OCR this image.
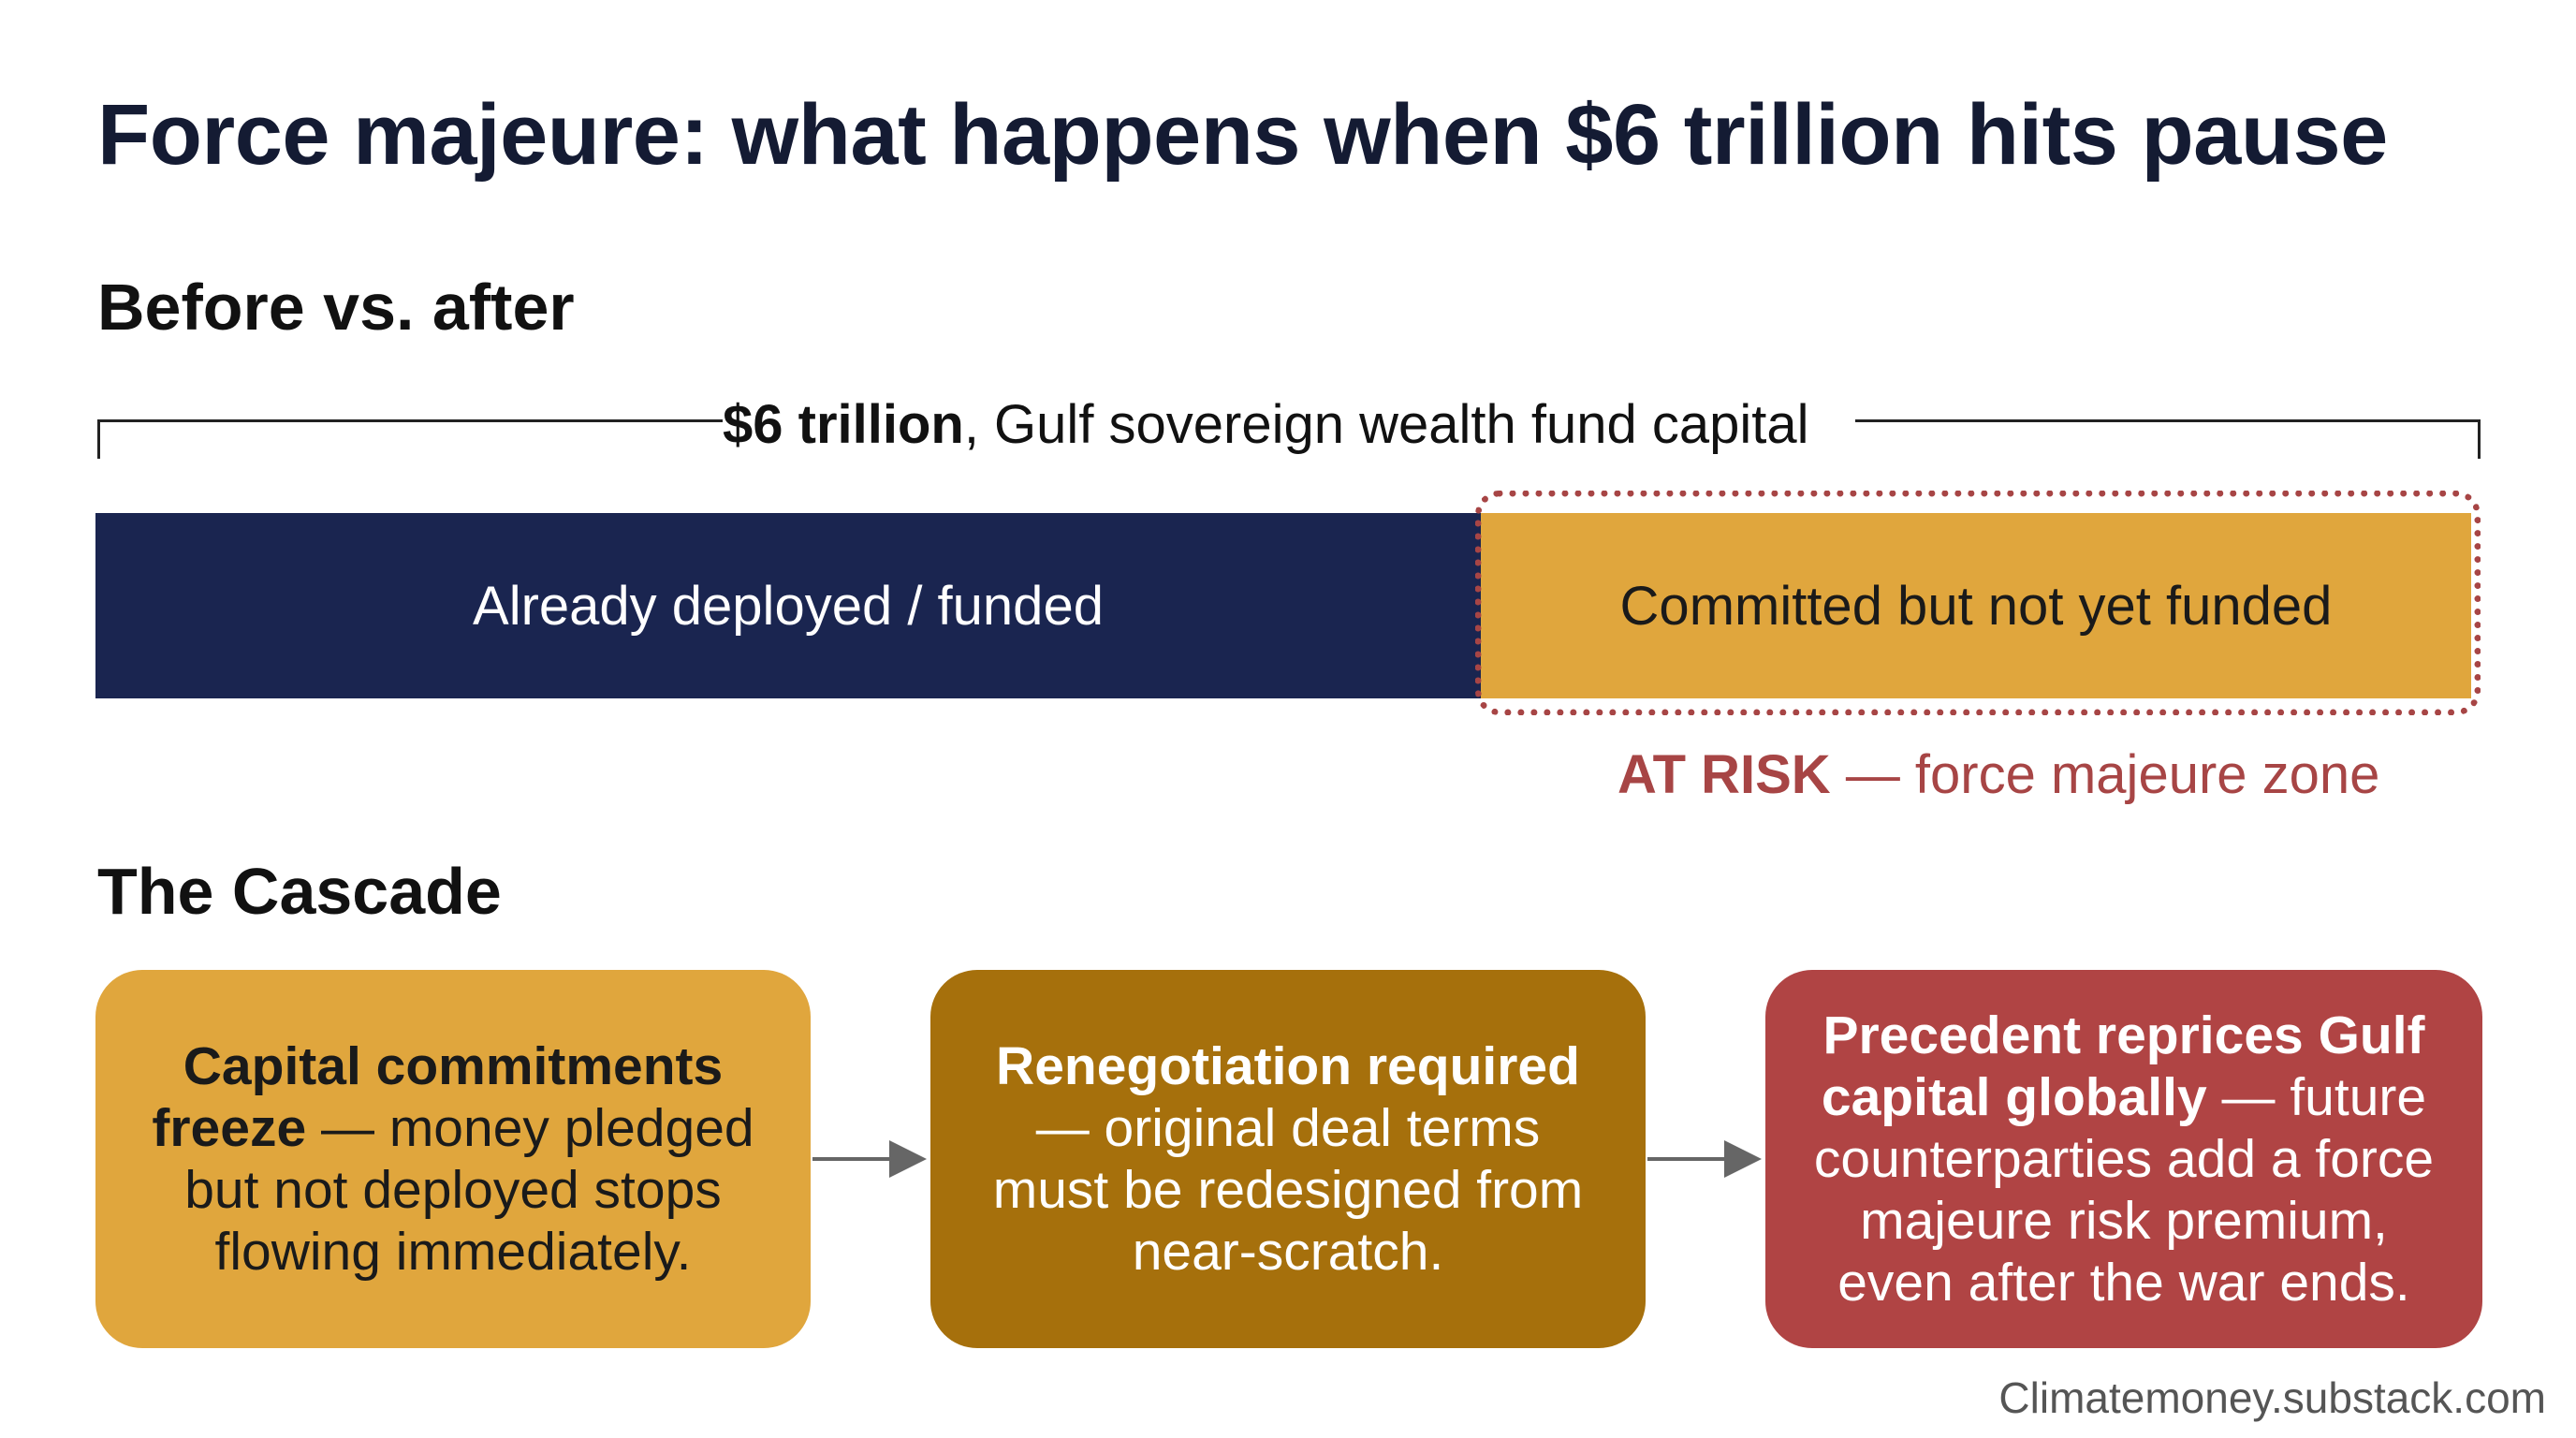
Force majeure: what happens when $6 trillion hits pause
Before vs. after
$6 trillion, Gulf sovereign wealth fund capital
Already deployed / funded	Committed but not yet funded
AT RISK — force majeure zone
The Cascade
Capital commitments freeze — money pledged but not deployed stops flowing immediately.
Renegotiation required — original deal terms must be redesigned from near-scratch.
Precedent reprices Gulf capital globally — future counterparties add a force majeure risk premium, even after the war ends.
Climatemoney.substack.com
